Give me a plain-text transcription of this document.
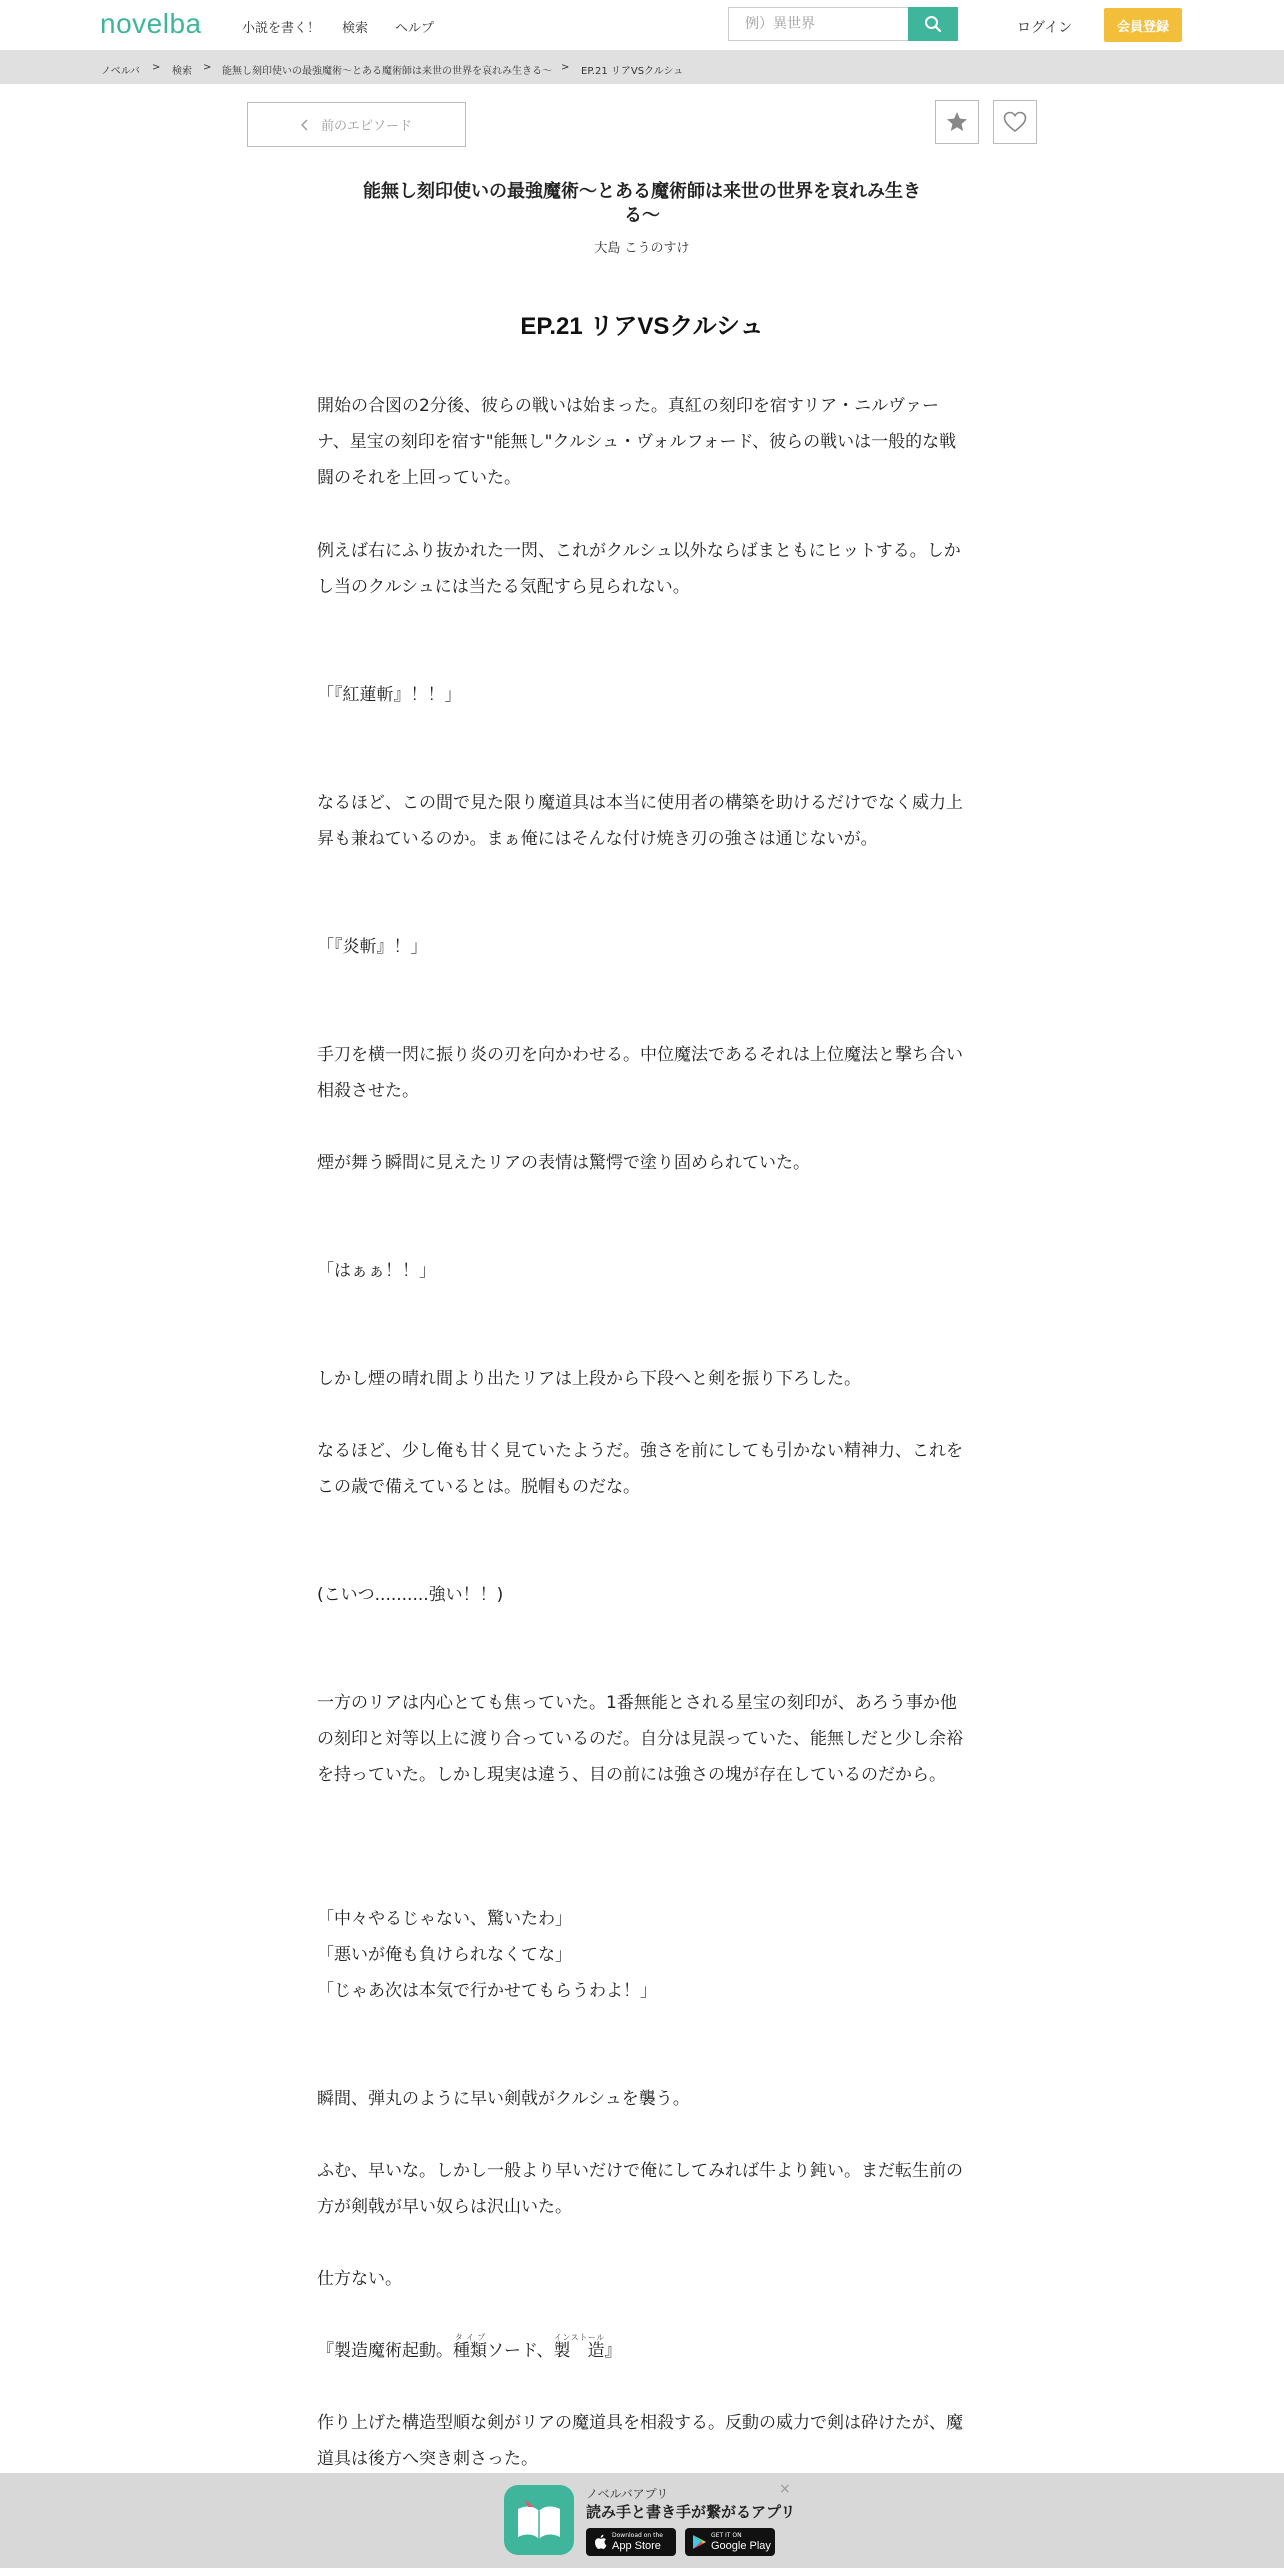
novelba	小説を書く！ 検索 ヘルプ
例）異世界	ログイン	会員登録
ノベルバ > 検索 > 能無し刻印使いの最強魔術〜とある魔術師は来世の世界を哀れみ生きる〜 > EP.21 リアVSクルシュ
前のエピソード
能無し刻印使いの最強魔術〜とある魔術師は来世の世界を哀れみ生きる〜
大島 こうのすけ
EP.21 リアVSクルシュ
開始の合図の2分後、彼らの戦いは始まった。真紅の刻印を宿すリア・ニルヴァーナ、星宝の刻印を宿す"能無し"クルシュ・ヴォルフォード、彼らの戦いは一般的な戦闘のそれを上回っていた。
例えば右にふり抜かれた一閃、これがクルシュ以外ならばまともにヒットする。しかし当のクルシュには当たる気配すら見られない。
「『紅蓮斬』！！」
なるほど、この間で見た限り魔道具は本当に使用者の構築を助けるだけでなく威力上昇も兼ねているのか。まぁ俺にはそんな付け焼き刃の強さは通じないが。
「『炎斬』！」
手刀を横一閃に振り炎の刃を向かわせる。中位魔法であるそれは上位魔法と撃ち合い相殺させた。
煙が舞う瞬間に見えたリアの表情は驚愕で塗り固められていた。
「はぁぁ！！」
しかし煙の晴れ間より出たリアは上段から下段へと剣を振り下ろした。
なるほど、少し俺も甘く見ていたようだ。強さを前にしても引かない精神力、これをこの歳で備えているとは。脱帽ものだな。
(こいつ..........強い！！)
一方のリアは内心とても焦っていた。1番無能とされる星宝の刻印が、あろう事か他の刻印と対等以上に渡り合っているのだ。自分は見誤っていた、能無しだと少し余裕を持っていた。しかし現実は違う、目の前には強さの塊が存在しているのだから。

「中々やるじゃない、驚いたわ」

「悪いが俺も負けられなくてな」

「じゃあ次は本気で行かせてもらうわよ！」

瞬間、弾丸のように早い剣戟がクルシュを襲う。
ふむ、早いな。しかし一般より早いだけで俺にしてみれば牛より鈍い。まだ転生前の方が剣戟が早い奴らは沢山いた。
仕方ない。
『製造魔術起動。種類タイプソード、製　造インストール』
作り上げた構造型順な剣がリアの魔道具を相殺する。反動の威力で剣は砕けたが、魔道具は後方へ突き刺さった。
ノベルバアプリ
読み手と書き手が繋がるアプリ
Download on the
App Store
GET IT ON
Google Play
×
